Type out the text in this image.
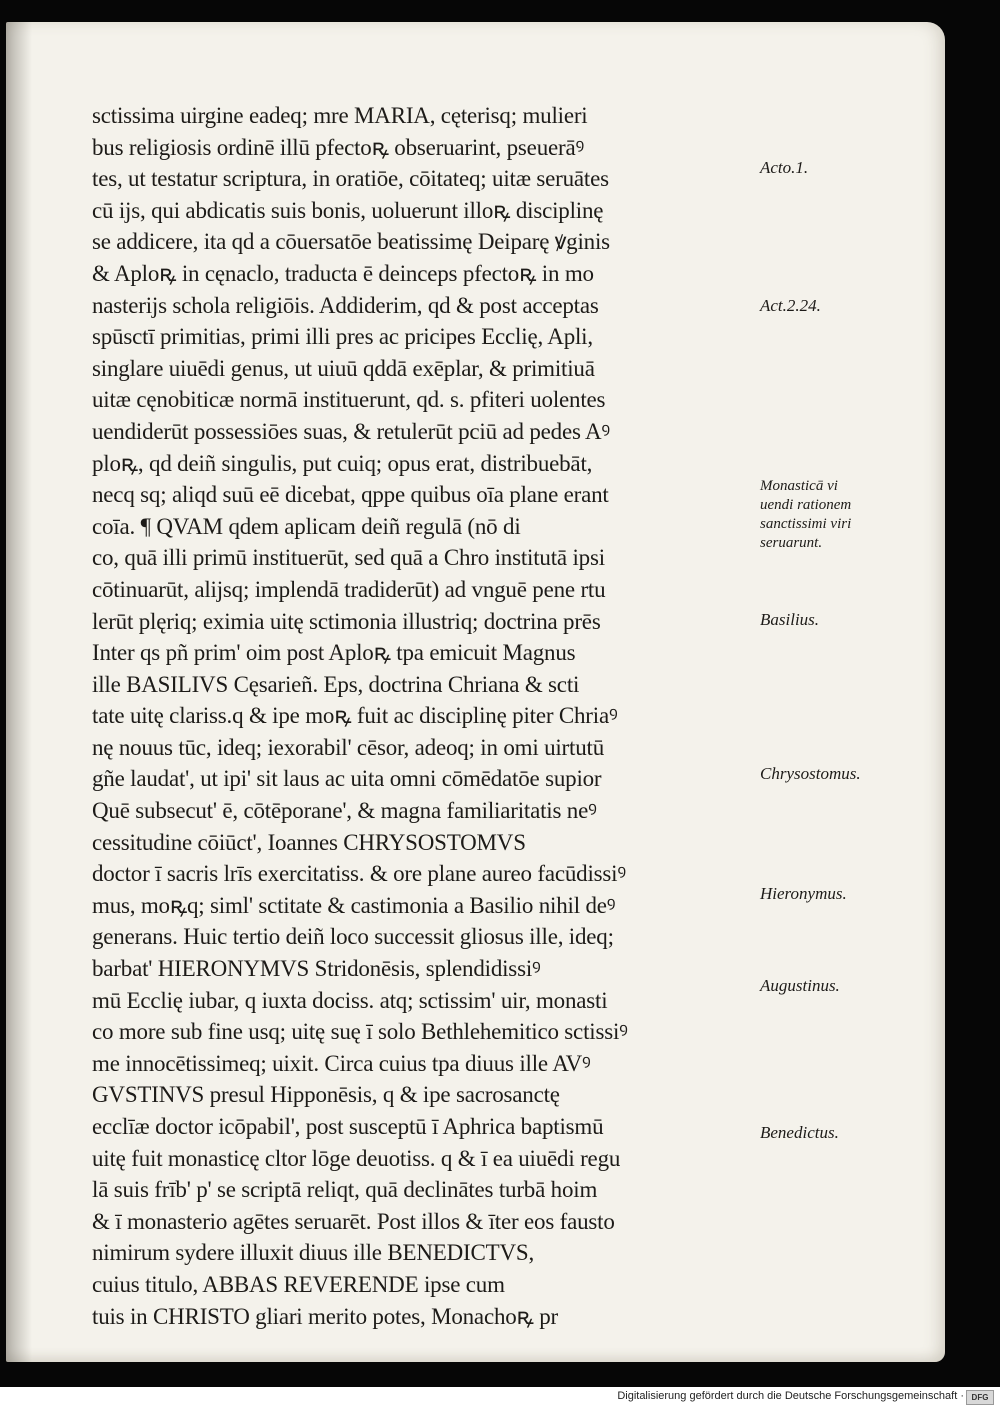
sctissima uirgine eadeq; mre MARIA, cęterisq; mulieri
bus religiosis ordinē illū pfectoꝶ obseruarint, pseuerāꝰ
tes, ut testatur scriptura, in oratiōe, cōitateq; uitæ seruātes
cū ijs, qui abdicatis suis bonis, uoluerunt illoꝶ disciplinę
se addicere, ita qd a cōuersatōe beatissimę Deiparę ꝟginis
& Aploꝶ in cęnaclo, traducta ē deinceps pfectoꝶ in mo
nasterijs schola religiōis. Addiderim, qd & post acceptas
spūsctī primitias, primi illi pres ac pricipes Ecclię, Apli,
singlare uiuēdi genus, ut uiuū qddā exēplar, & primitiuā
uitæ cęnobiticæ normā instituerunt, qd. s. pfiteri uolentes
uendiderūt possessiōes suas, & retulerūt pciū ad pedes Aꝰ
ploꝶ, qd deiñ singulis, put cuiq; opus erat, distribuebāt,
necq sq; aliqd suū eē dicebat, qppe quibus oīa plane erant
coīa. ¶ QVAM qdem aplicam deiñ regulā (nō di
co, quā illi primū instituerūt, sed quā a Chro institutā ipsi
cōtinuarūt, alijsq; implendā tradiderūt) ad vnguē pene rtu
lerūt plęriq; eximia uitę sctimonia illustriq; doctrina prēs
Inter qs pñ prim' oim post Aploꝶ tpa emicuit Magnus
ille BASILIVS Cęsarieñ. Eps, doctrina Chriana & scti
tate uitę clariss.q & ipe moꝶ fuit ac disciplinę piter Chriaꝰ
nę nouus tūc, ideq; iexorabil' cēsor, adeoq; in omi uirtutū
gñe laudat', ut ipi' sit laus ac uita omni cōmēdatōe supior
Quē subsecut' ē, cōtēporane', & magna familiaritatis neꝰ
cessitudine cōiūct', Ioannes CHRYSOSTOMVS
doctor ī sacris lrīs exercitatiss. & ore plane aureo facūdissiꝰ
mus, moꝶq; siml' sctitate & castimonia a Basilio nihil deꝰ
generans. Huic tertio deiñ loco successit gliosus ille, ideq;
barbat' HIERONYMVS Stridonēsis, splendidissiꝰ
mū Ecclię iubar, q iuxta dociss. atq; sctissim' uir, monasti
co more sub fine usq; uitę suę ī solo Bethlehemitico sctissiꝰ
me innocētissimeq; uixit. Circa cuius tpa diuus ille AVꝰ
GVSTINVS presul Hipponēsis, q & ipe sacrosanctę
ecclīæ doctor icōpabil', post susceptū ī Aphrica baptismū
uitę fuit monasticę cltor lōge deuotiss. q & ī ea uiuēdi regu
lā suis frīb' p' se scriptā reliqt, quā declinātes turbā hoim
& ī monasterio agētes seruarēt. Post illos & īter eos fausto
nimirum sydere illuxit diuus ille BENEDICTVS,
cuius titulo, ABBAS REVERENDE ipse cum
tuis in CHRISTO gliari merito potes, Monachoꝶ pr
Acto.1.
Act.2.24.
Monasticā vi
uendi rationem
sanctissimi viri
seruarunt.
Basilius.
Chrysostomus.
Hieronymus.
Augustinus.
Benedictus.
Digitalisierung gefördert durch die Deutsche Forschungsgemeinschaft · DFG
